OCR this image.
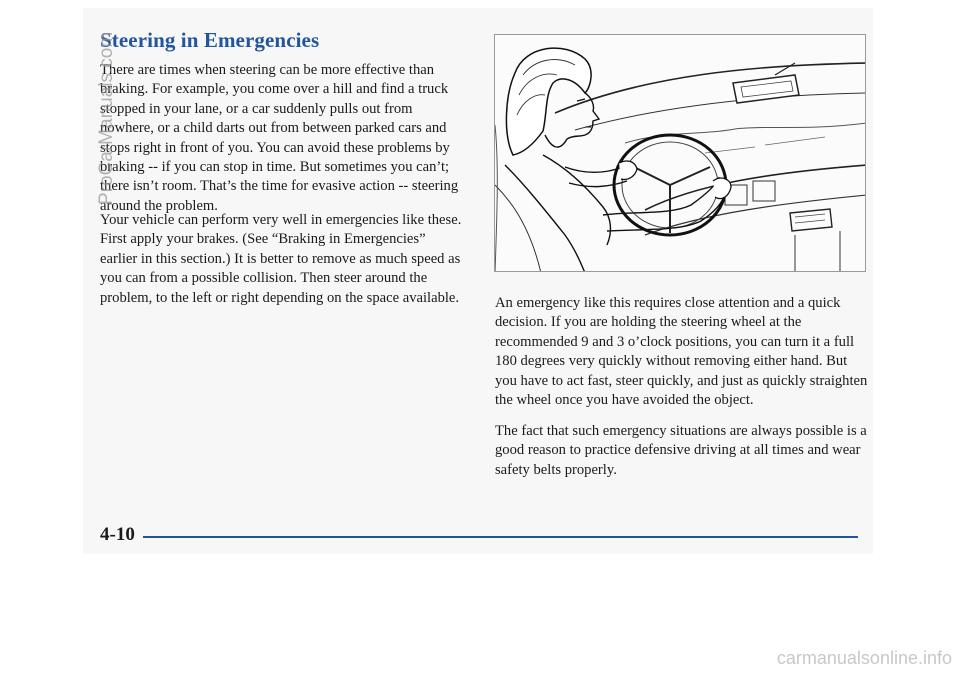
Steering in Emergencies

There are times when steering can be more effective than braking. For example, you come over a hill and find a truck stopped in your lane, or a car suddenly pulls out from nowhere, or a child darts out from between parked cars and stops right in front of you. You can avoid these problems by braking -- if you can stop in time. But sometimes you can’t; there isn’t room. That’s the time for evasive action -- steering around the problem.

Your vehicle can perform very well in emergencies like these. First apply your brakes. (See “Braking in Emergencies” earlier in this section.) It is better to remove as much speed as you can from a possible collision. Then steer around the problem, to the left or right depending on the space available.	An emergency like this requires close attention and a quick decision. If you are holding the steering wheel at the recommended 9 and 3 o’clock positions, you can turn it a full 180 degrees very quickly without removing either hand. But you have to act fast, steer quickly, and just as quickly straighten the wheel once you have avoided the object.

The fact that such emergency situations are always possible is a good reason to practice defensive driving at all times and wear safety belts properly.

4-10
ProCarManuals.com
carmanualsonline.info
